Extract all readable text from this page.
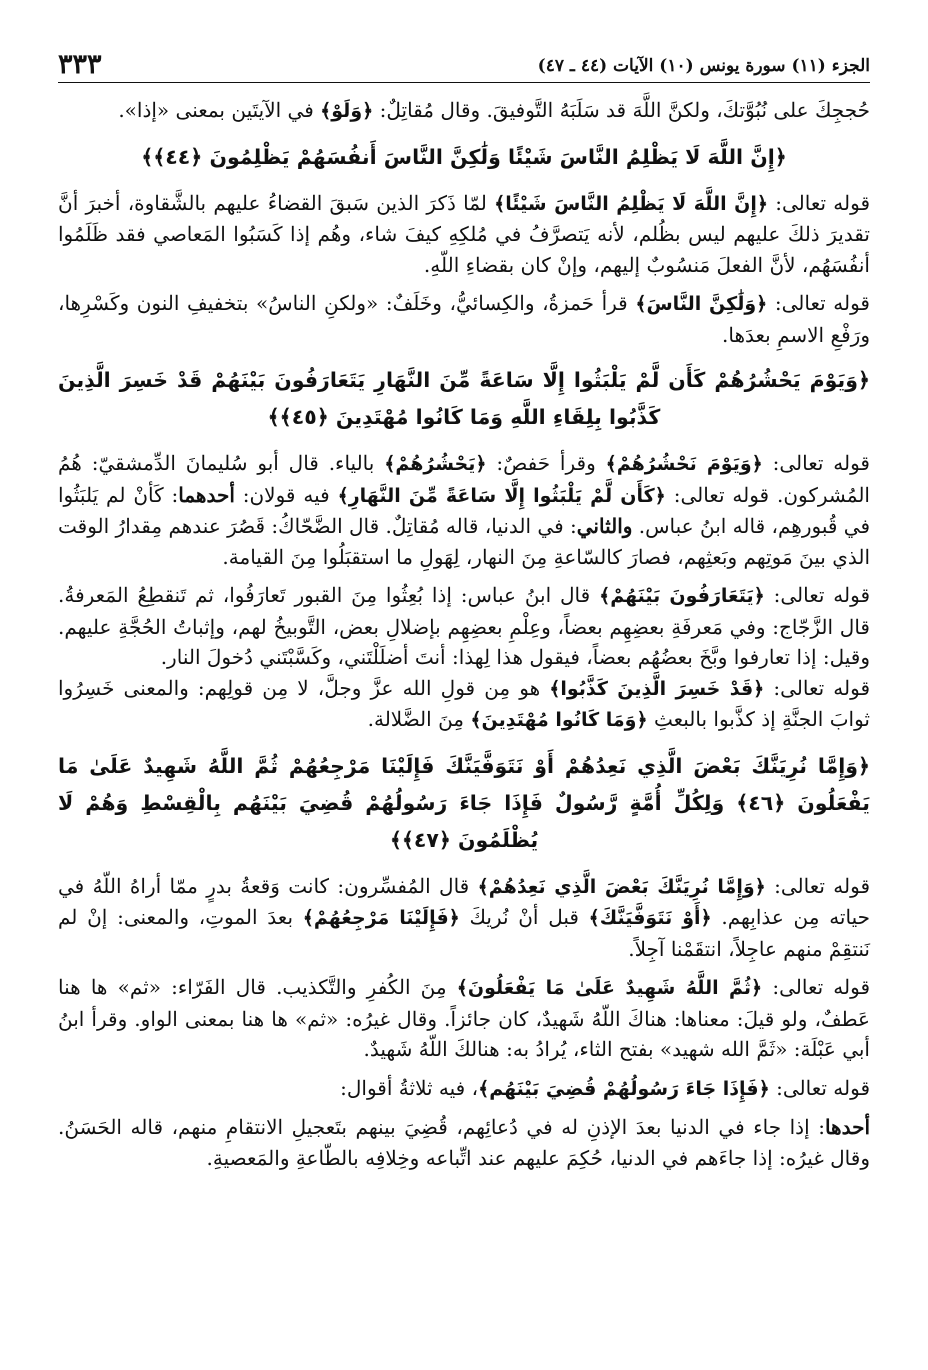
الجزء (١١) سورة يونس (١٠) الآيات (٤٤ ـ ٤٧)
٣٣٣

حُججِكَ على نُبُوَّتكَ، ولكنَّ اللَّهَ قد سَلَبَهُ التَّوفيقَ. وقال مُقاتِلٌ: ﴿وَلَوْ﴾ في الآيتَين بمعنى «إذا».

﴿إِنَّ اللَّهَ لَا يَظْلِمُ النَّاسَ شَيْئًا وَلَٰكِنَّ النَّاسَ أَنفُسَهُمْ يَظْلِمُونَ ﴿٤٤﴾﴾

قوله تعالى: ﴿إِنَّ اللَّهَ لَا يَظْلِمُ النَّاسَ شَيْئًا﴾ لمّا ذَكرَ الذين سَبقَ القضاءُ عليهم بالشَّقاوة، أخبرَ أنَّ تقديرَ ذلكَ عليهم ليس بظُلم، لأنه يَتصرَّفُ في مُلكِهِ كيفَ شاء، وهُم إذا كَسَبُوا المَعاصي فقد ظَلَمُوا أنفُسَهُم، لأنَّ الفعلَ مَنسُوبٌ إليهم، وإنْ كان بقضاءِ اللّهِ.

قوله تعالى: ﴿وَلَٰكِنَّ النَّاسَ﴾ قرأ حَمزةُ، والكِسائيُّ، وخَلَفٌ: «ولكنِ الناسُ» بتخفيفِ النون وكَسْرِها، ورَفْعِ الاسمِ بعدَها.

﴿وَيَوْمَ يَحْشُرُهُمْ كَأَن لَّمْ يَلْبَثُوا إِلَّا سَاعَةً مِّنَ النَّهَارِ يَتَعَارَفُونَ بَيْنَهُمْ قَدْ خَسِرَ الَّذِينَ كَذَّبُوا بِلِقَاءِ اللَّهِ وَمَا كَانُوا مُهْتَدِينَ ﴿٤٥﴾﴾

قوله تعالى: ﴿وَيَوْمَ نَحْشُرُهُمْ﴾ وقرأ حَفصٌ: ﴿يَحْشُرُهُمْ﴾ بالياء. قال أبو سُليمانَ الدِّمشقيّ: هُمُ المُشركون. قوله تعالى: ﴿كَأَن لَّمْ يَلْبَثُوا إِلَّا سَاعَةً مِّنَ النَّهَارِ﴾ فيه قولان: أحدهما: كَأنْ لم يَلبَثُوا في قُبورهِم، قاله ابنُ عباس. والثاني: في الدنيا، قاله مُقاتِلٌ. قال الضَّحّاكُ: قَصُرَ عندهم مِقدارُ الوقت الذي بينَ مَوتِهم وبَعثِهم، فصارَ كالسّاعةِ مِنَ النهار، لِهَولِ ما استقبَلُوا مِنَ القيامة.

قوله تعالى: ﴿يَتَعَارَفُونَ بَيْنَهُمْ﴾ قال ابنُ عباس: إذا بُعِثُوا مِنَ القبور تَعارَفُوا، ثم تَنقطِعُ المَعرفةُ. قال الزَّجّاج: وفي مَعرفَةِ بعضِهِم بعضاً، وعِلْمِ بعضِهِم بإضلالِ بعض، التَّوبيخُ لهم، وإثباتُ الحُجَّةِ عليهم. وقيل: إذا تعارفوا وبَّخَ بعضُهُم بعضاً، فيقول هذا لِهذا: أنتَ أضلَلْتَني، وكَسَّبْتَني دُخولَ النار.

قوله تعالى: ﴿قَدْ خَسِرَ الَّذِينَ كَذَّبُوا﴾ هو مِن قولِ الله عزَّ وجلَّ، لا مِن قولِهم: والمعنى خَسِرُوا ثوابَ الجنَّةِ إذ كذَّبوا بالبعثِ ﴿وَمَا كَانُوا مُهْتَدِينَ﴾ مِنَ الضَّلالة.

﴿وَإِمَّا نُرِيَنَّكَ بَعْضَ الَّذِي نَعِدُهُمْ أَوْ نَتَوَفَّيَنَّكَ فَإِلَيْنَا مَرْجِعُهُمْ ثُمَّ اللَّهُ شَهِيدٌ عَلَىٰ مَا يَفْعَلُونَ ﴿٤٦﴾ وَلِكُلِّ أُمَّةٍ رَّسُولٌ فَإِذَا جَاءَ رَسُولُهُمْ قُضِيَ بَيْنَهُم بِالْقِسْطِ وَهُمْ لَا يُظْلَمُونَ ﴿٤٧﴾﴾

قوله تعالى: ﴿وَإِمَّا نُرِيَنَّكَ بَعْضَ الَّذِي نَعِدُهُمْ﴾ قال المُفسِّرون: كانت وَقعةُ بدرٍ ممّا أراهُ اللّهُ في حياته مِن عذابِهم. ﴿أَوْ نَتَوَفَّيَنَّكَ﴾ قبل أنْ نُريكَ ﴿فَإِلَيْنَا مَرْجِعُهُمْ﴾ بعدَ الموتِ، والمعنى: إنْ لم نَنتقِمْ منهم عاجِلاً، انتقَمْنا آجِلاً.

قوله تعالى: ﴿ثُمَّ اللَّهُ شَهِيدٌ عَلَىٰ مَا يَفْعَلُونَ﴾ مِنَ الكُفرِ والتَّكذيب. قال الفَرّاء: «ثم» ها هنا عَطفٌ، ولو قيلَ: معناها: هناكَ اللّهُ شَهيدٌ، كان جائزاً. وقال غيرُه: «ثم» ها هنا بمعنى الواو. وقرأ ابنُ أبي عَبْلَة: «ثَمَّ الله شهيد» بفتح الثاء، يُرادُ به: هنالكَ اللّهُ شَهيدٌ.

قوله تعالى: ﴿فَإِذَا جَاءَ رَسُولُهُمْ قُضِيَ بَيْنَهُم﴾، فيه ثلاثةُ أقوال:

أحدها: إذا جاء في الدنيا بعدَ الإذنِ له في دُعائِهم، قُضِيَ بينهم بتَعجيلِ الانتقامِ منهم، قاله الحَسَنُ. وقال غيرُه: إذا جاءَهم في الدنيا، حُكِمَ عليهم عند اتِّباعه وخِلافِه بالطّاعةِ والمَعصيةِ.
